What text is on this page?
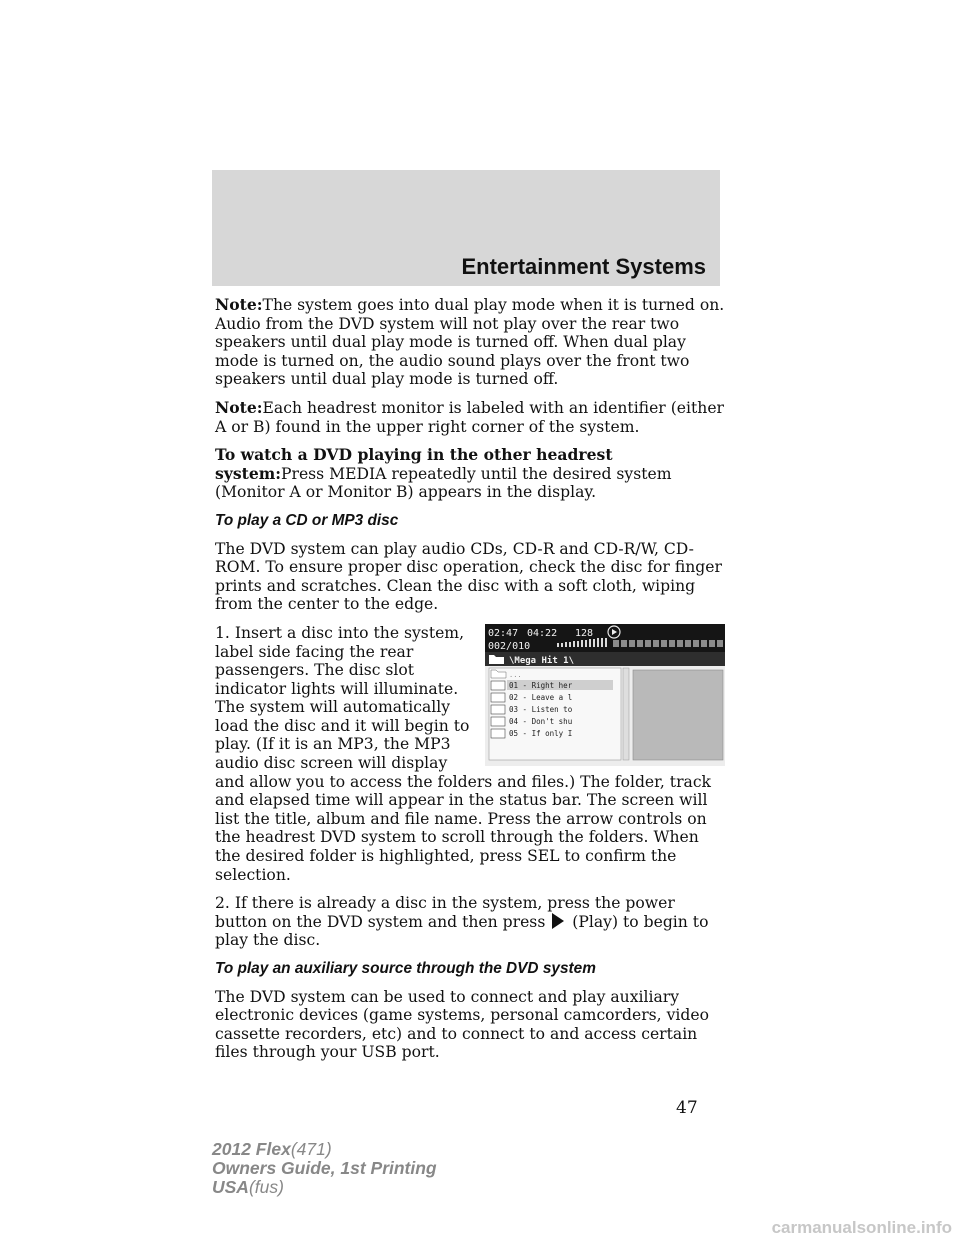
Entertainment Systems

Note:The system goes into dual play mode when it is turned on. Audio from the DVD system will not play over the rear two speakers until dual play mode is turned off. When dual play mode is turned on, the audio sound plays over the front two speakers until dual play mode is turned off.

Note:Each headrest monitor is labeled with an identifier (either A or B) found in the upper right corner of the system.

To watch a DVD playing in the other headrest system:Press MEDIA repeatedly until the desired system (Monitor A or Monitor B) appears in the display.

To play a CD or MP3 disc

The DVD system can play audio CDs, CD-R and CD-R/W, CD-ROM. To ensure proper disc operation, check the disc for finger prints and scratches. Clean the disc with a soft cloth, wiping from the center to the edge.

02:47 04:22 128
002/010
\Mega Hit 1\
...
01 - Right her
02 - Leave a l
03 - Listen to
04 - Don't shu
05 - If only I

1. Insert a disc into the system, label side facing the rear passengers. The disc slot indicator lights will illuminate. The system will automatically load the disc and it will begin to play. (If it is an MP3, the MP3 audio disc screen will display and allow you to access the folders and files.) The folder, track and elapsed time will appear in the status bar. The screen will list the title, album and file name. Press the arrow controls on the headrest DVD system to scroll through the folders. When the desired folder is highlighted, press SEL to confirm the selection.

2. If there is already a disc in the system, press the power button on the DVD system and then press (Play) to begin to play the disc.

To play an auxiliary source through the DVD system

The DVD system can be used to connect and play auxiliary electronic devices (game systems, personal camcorders, video cassette recorders, etc) and to connect to and access certain files through your USB port.

47
2012 Flex(471)
Owners Guide, 1st Printing
USA(fus)
carmanualsonline.info
